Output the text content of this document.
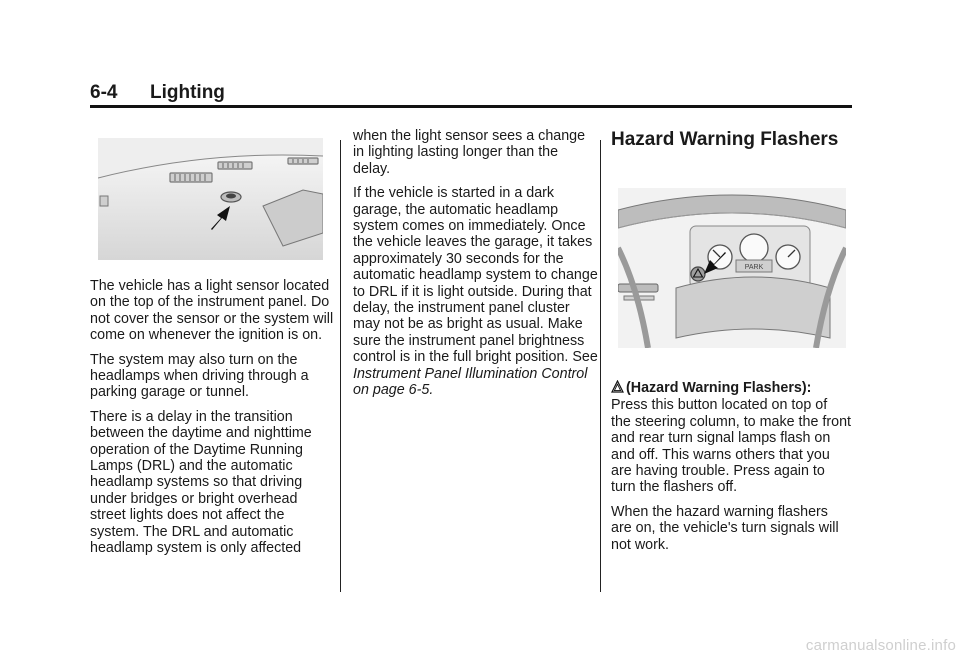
6-4 Lighting

The vehicle has a light sensor located on the top of the instrument panel. Do not cover the sensor or the system will come on whenever the ignition is on.

The system may also turn on the headlamps when driving through a parking garage or tunnel.

There is a delay in the transition between the daytime and nighttime operation of the Daytime Running Lamps (DRL) and the automatic headlamp systems so that driving under bridges or bright overhead street lights does not affect the system. The DRL and automatic headlamp system is only affected

when the light sensor sees a change in lighting lasting longer than the delay.

If the vehicle is started in a dark garage, the automatic headlamp system comes on immediately. Once the vehicle leaves the garage, it takes approximately 30 seconds for the automatic headlamp system to change to DRL if it is light outside. During that delay, the instrument panel cluster may not be as bright as usual. Make sure the instrument panel brightness control is in the full bright position. See Instrument Panel Illumination Control on page 6-5.

Hazard Warning Flashers
PARK

(Hazard Warning Flashers):
Press this button located on top of the steering column, to make the front and rear turn signal lamps flash on and off. This warns others that you are having trouble. Press again to turn the flashers off.

When the hazard warning flashers are on, the vehicle's turn signals will not work.

carmanualsonline.info
